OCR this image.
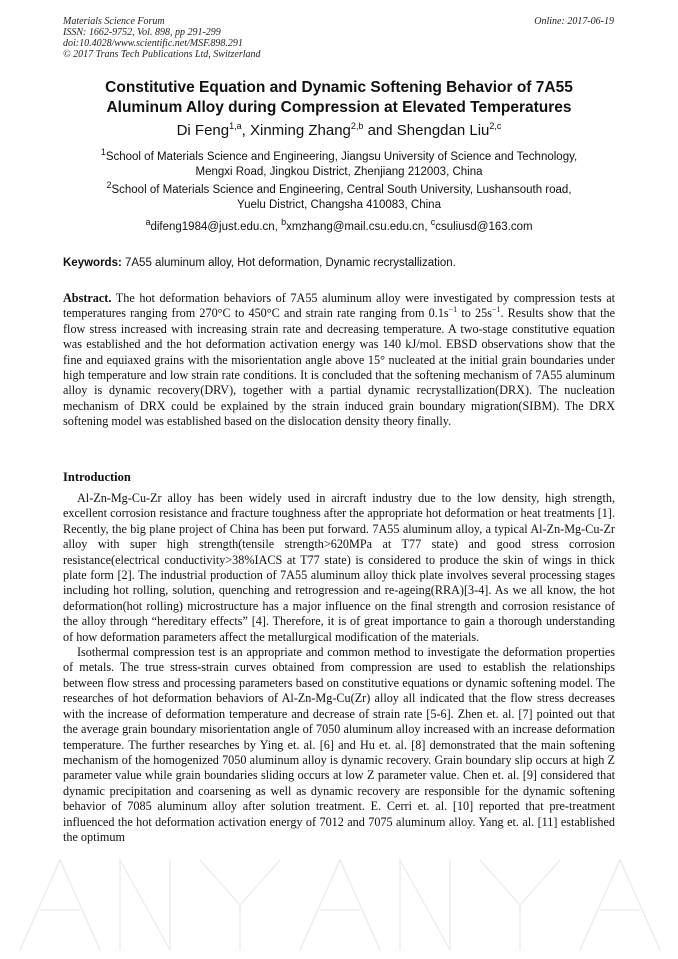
Materials Science Forum
ISSN: 1662-9752, Vol. 898, pp 291-299
doi:10.4028/www.scientific.net/MSF.898.291
© 2017 Trans Tech Publications Ltd, Switzerland
Online: 2017-06-19
Constitutive Equation and Dynamic Softening Behavior of 7A55
Aluminum Alloy during Compression at Elevated Temperatures
Di Feng$^{1,a}$, Xinming Zhang$^{2,b}$ and Shengdan Liu$^{2,c}$
$^1$School of Materials Science and Engineering, Jiangsu University of Science and Technology,
Mengxi Road, Jingkou District, Zhenjiang 212003, China
$^2$School of Materials Science and Engineering, Central South University, Lushansouth road,
Yuelu District, Changsha 410083, China
$^a$difeng1984@just.edu.cn, $^b$xmzhang@mail.csu.edu.cn, $^c$csuliusd@163.com
Keywords: 7A55 aluminum alloy, Hot deformation, Dynamic recrystallization.
Abstract. The hot deformation behaviors of 7A55 aluminum alloy were investigated by compression tests at temperatures ranging from 270°C to 450°C and strain rate ranging from $0.1s^{-1}$ to $25s^{-1}$. Results show that the flow stress increased with increasing strain rate and decreasing temperature. A two-stage constitutive equation was established and the hot deformation activation energy was 140 kJ/mol. EBSD observations show that the fine and equiaxed grains with the misorientation angle above 15° nucleated at the initial grain boundaries under high temperature and low strain rate conditions. It is concluded that the softening mechanism of 7A55 aluminum alloy is dynamic recovery(DRV), together with a partial dynamic recrystallization(DRX). The nucleation mechanism of DRX could be explained by the strain induced grain boundary migration(SIBM). The DRX softening model was established based on the dislocation density theory finally.
Introduction

Al-Zn-Mg-Cu-Zr alloy has been widely used in aircraft industry due to the low density, high strength, excellent corrosion resistance and fracture toughness after the appropriate hot deformation or heat treatments [1]. Recently, the big plane project of China has been put forward. 7A55 aluminum alloy, a typical Al-Zn-Mg-Cu-Zr alloy with super high strength(tensile strength>620MPa at T77 state) and good stress corrosion resistance(electrical conductivity>38%IACS at T77 state) is considered to produce the skin of wings in thick plate form [2]. The industrial production of 7A55 aluminum alloy thick plate involves several processing stages including hot rolling, solution, quenching and retrogression and re-ageing(RRA)[3-4]. As we all know, the hot deformation(hot rolling) microstructure has a major influence on the final strength and corrosion resistance of the alloy through “hereditary effects” [4]. Therefore, it is of great importance to gain a thorough understanding of how deformation parameters affect the metallurgical modification of the materials.

Isothermal compression test is an appropriate and common method to investigate the deformation properties of metals. The true stress-strain curves obtained from compression are used to establish the relationships between flow stress and processing parameters based on constitutive equations or dynamic softening model. The researches of hot deformation behaviors of Al-Zn-Mg-Cu(Zr) alloy all indicated that the flow stress decreases with the increase of deformation temperature and decrease of strain rate [5-6]. Zhen et. al. [7] pointed out that the average grain boundary misorientation angle of 7050 aluminum alloy increased with an increase deformation temperature. The further researches by Ying et. al. [6] and Hu et. al. [8] demonstrated that the main softening mechanism of the homogenized 7050 aluminum alloy is dynamic recovery. Grain boundary slip occurs at high Z parameter value while grain boundaries sliding occurs at low Z parameter value. Chen et. al. [9] considered that dynamic precipitation and coarsening as well as dynamic recovery are responsible for the dynamic softening behavior of 7085 aluminum alloy after solution treatment. E. Cerri et. al. [10] reported that pre-treatment influenced the hot deformation activation energy of 7012 and 7075 aluminum alloy. Yang et. al. [11] established the optimum
